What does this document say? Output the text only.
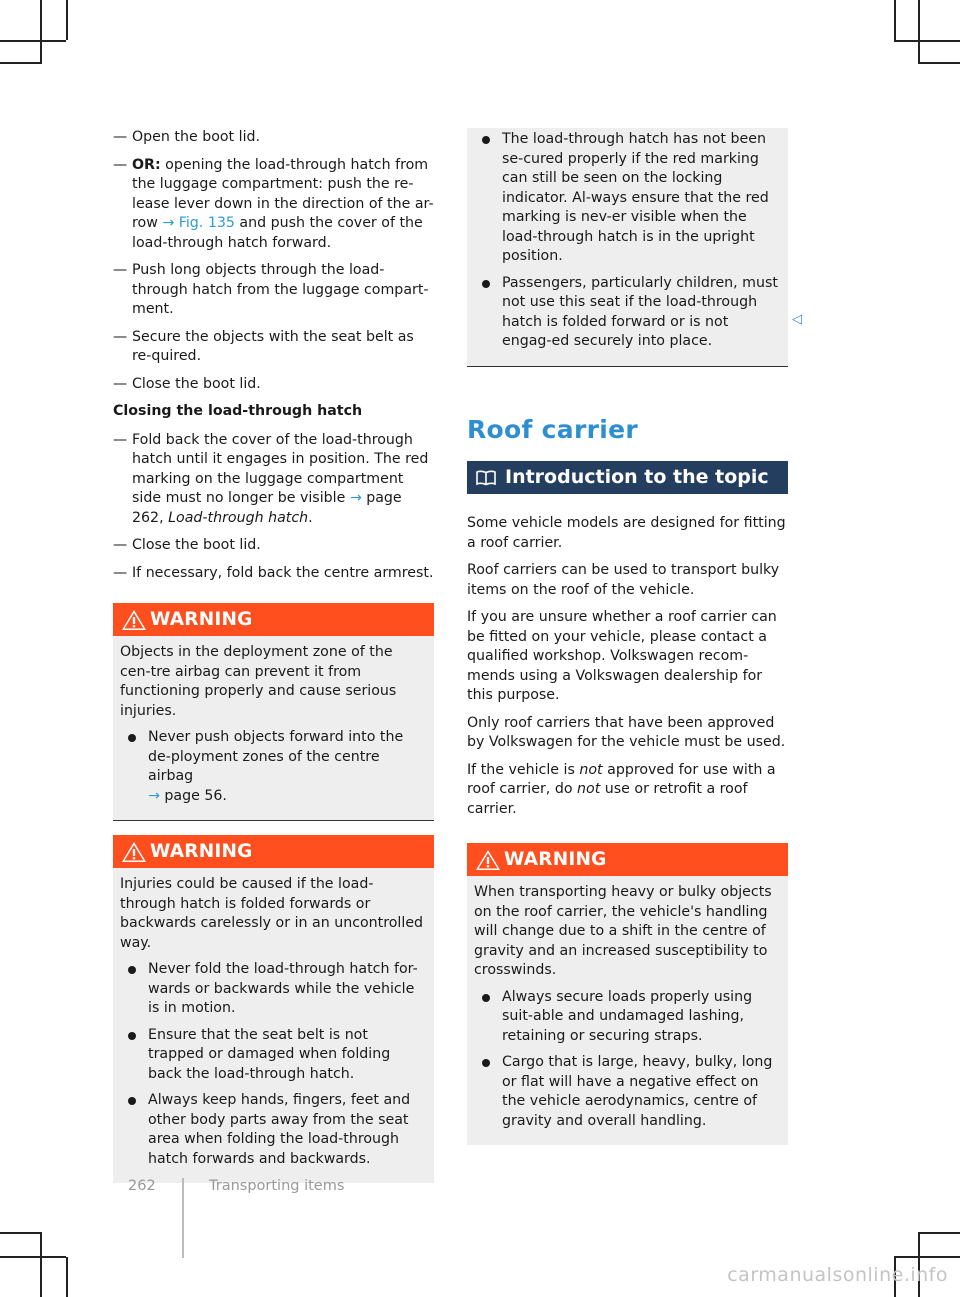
— Open the boot lid.
— OR: opening the load-through hatch from the luggage compartment: push the re-lease lever down in the direction of the ar-row → Fig. 135 and push the cover of the load-through hatch forward.
— Push long objects through the load-through hatch from the luggage compart-ment.
— Secure the objects with the seat belt as re-quired.
— Close the boot lid.
Closing the load-through hatch
— Fold back the cover of the load-through hatch until it engages in position. The red marking on the luggage compartment side must no longer be visible → page 262, Load-through hatch.
— Close the boot lid.
— If necessary, fold back the centre armrest.
WARNING

Objects in the deployment zone of the cen-tre airbag can prevent it from functioning properly and cause serious injuries.

Never push objects forward into the de-ployment zones of the centre airbag
→ page 56.
WARNING

Injuries could be caused if the load-through hatch is folded forwards or backwards carelessly or in an uncontrolled way.

Never fold the load-through hatch for-wards or backwards while the vehicle is in motion.
Ensure that the seat belt is not trapped or damaged when folding back the load-through hatch.
Always keep hands, fingers, feet and other body parts away from the seat area when folding the load-through hatch forwards and backwards.
The load-through hatch has not been se-cured properly if the red marking can still be seen on the locking indicator. Al-ways ensure that the red marking is nev-er visible when the load-through hatch is in the upright position.
Passengers, particularly children, must not use this seat if the load-through hatch is folded forward or is not engag-ed securely into place.
Roof carrier
Introduction to the topic

Some vehicle models are designed for fitting a roof carrier.

Roof carriers can be used to transport bulky items on the roof of the vehicle.

If you are unsure whether a roof carrier can be fitted on your vehicle, please contact a qualified workshop. Volkswagen recom-mends using a Volkswagen dealership for this purpose.

Only roof carriers that have been approved by Volkswagen for the vehicle must be used.

If the vehicle is not approved for use with a roof carrier, do not use or retrofit a roof carrier.

WARNING

When transporting heavy or bulky objects on the roof carrier, the vehicle's handling will change due to a shift in the centre of gravity and an increased susceptibility to crosswinds.

Always secure loads properly using suit-able and undamaged lashing, retaining or securing straps.
Cargo that is large, heavy, bulky, long or flat will have a negative effect on the vehicle aerodynamics, centre of gravity and overall handling.
◁
262	Transporting items
carmanualsonline.info
